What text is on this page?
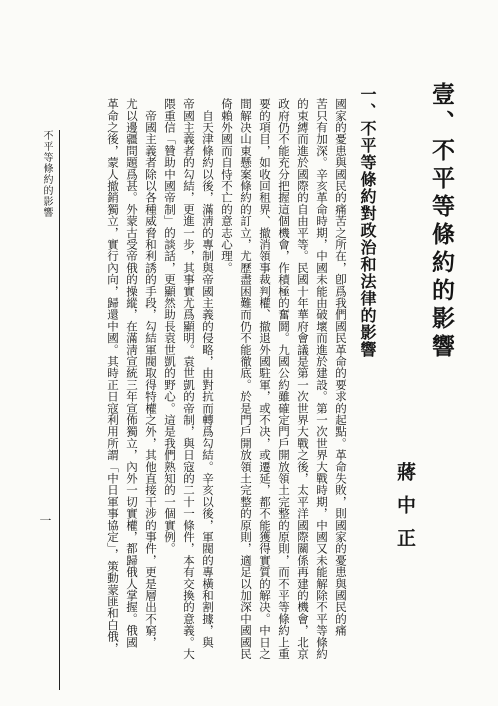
壹、不平等條約的影響
蔣中正
一、不平等條約對政治和法律的影響
國家的憂患與國民的痛苦之所在，卽爲我們國民革命的要求的起點。革命失敗，則國家的憂患與國民的痛
苦只有加深。辛亥革命時期，中國未能由破壞而進於建設。第一次世界大戰時期，中國又未能解除不平等條約
的束縛而進於國際的自由平等。民國十年華府會議是第一次世界大戰之後，太平洋國際關係再建的機會，北京
政府仍不能充分把握這個機會，作積極的奮鬪。九國公約雖確定門戶開放領土完整的原則，而不平等條約上重
要的項目，如收回租界、撤消領事裁判權、撤退外國駐軍，或不决，或遷延，都不能獲得實質的解决。中日之
間解决山東懸案條約的訂立，尤歷盡困難而仍不能徹底。於是門戶開放領土完整的原則，適足以加深中國國民
倚賴外國而自恃不亡的意志心理。
　自天津條約以後，滿淸的專制與帝國主義的侵略，由對抗而轉爲勾結。辛亥以後，軍閥的專橫和割據，與
帝國主義者的勾結，更進一步，其事實尤爲顯明。袁世凱的帝制，與日寇的二十一條件，本有交換的意義。大
隈重信「贊助中國帝制」的談話，更顯然助長袁世凱的野心。這是我們熟知的一個實例。
　帝國主義者除以各種威脅和利誘的手段，勾結軍閥取得特權之外，其他直接干涉的事件，更是層出不窮，
尤以邊疆問題爲甚。外蒙古受帝俄的操縱，在滿淸宣統三年宣佈獨立，內外一切實權，都歸俄人掌握。俄國
革命之後，蒙人撤銷獨立，實行內向，歸還中國。其時正日寇利用所謂「中日軍事協定」，策動蒙匪和白俄，
不平等條約的影響
一
